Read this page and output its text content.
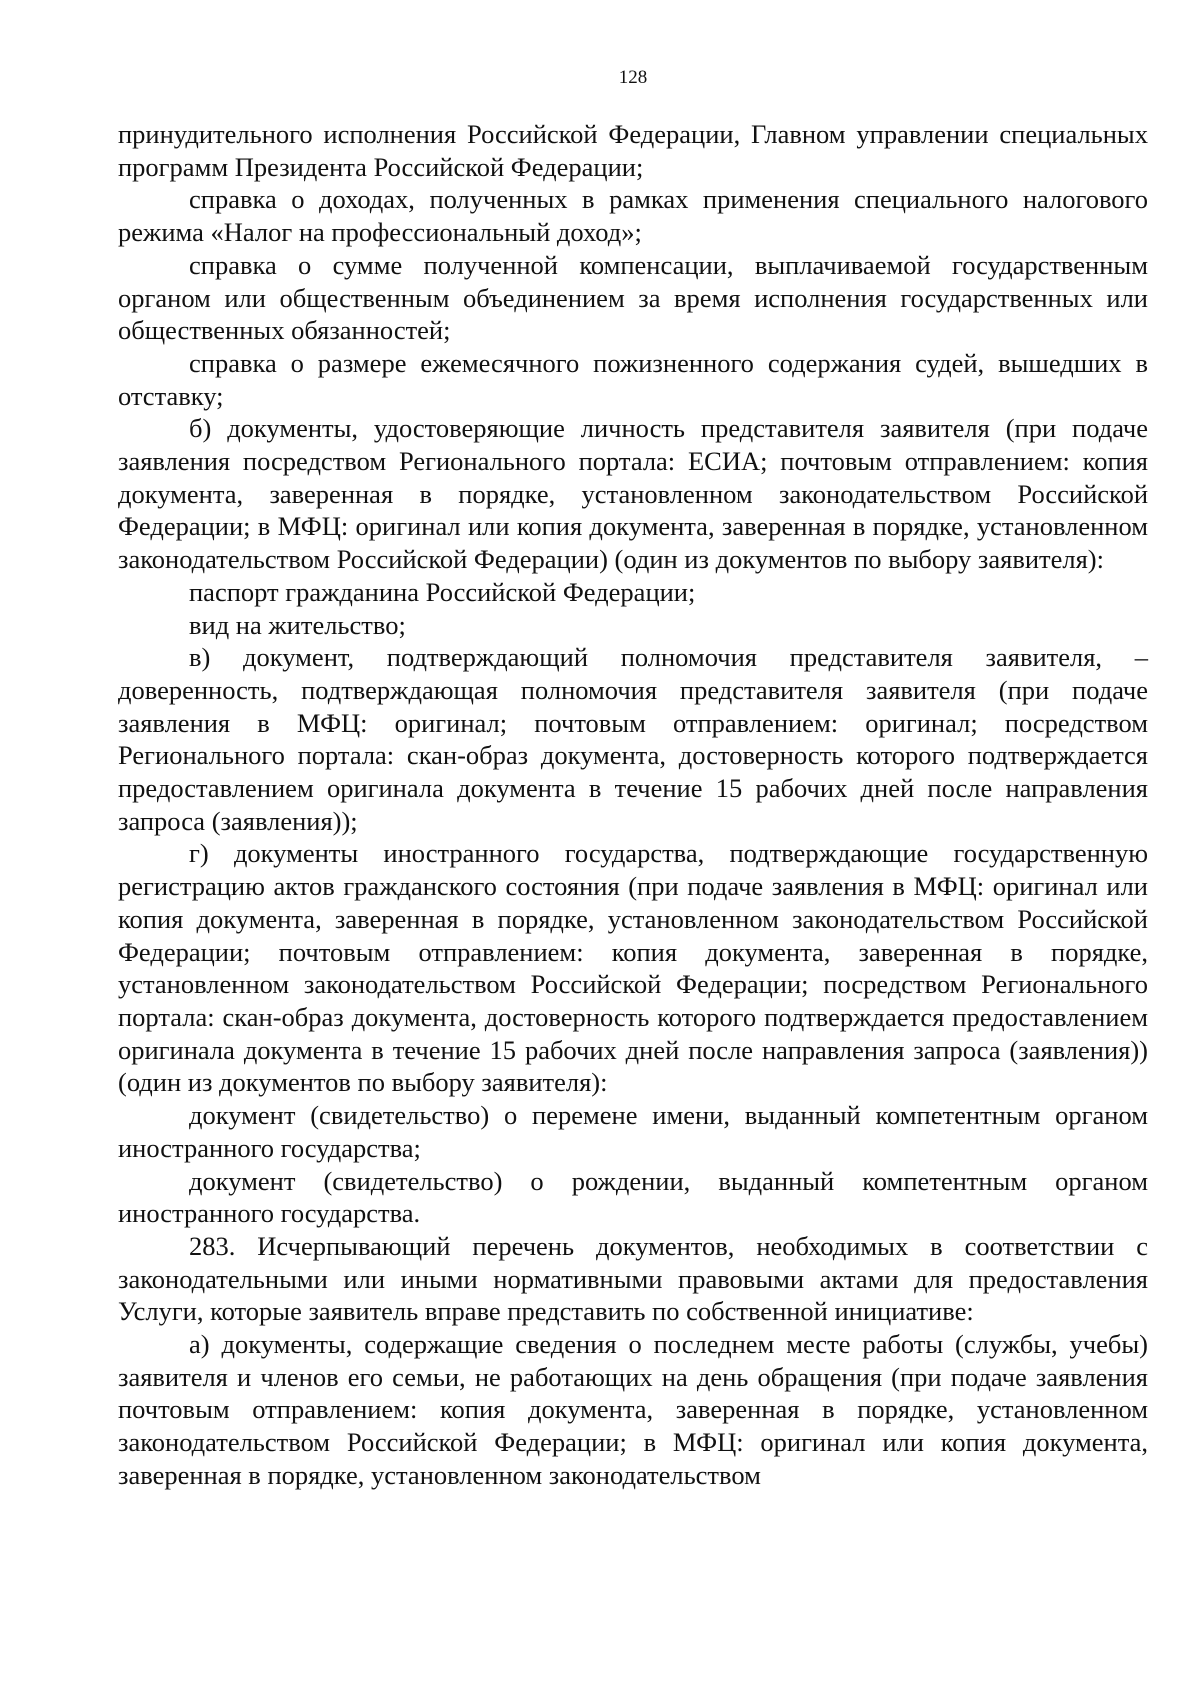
128

принудительного исполнения Российской Федерации, Главном управлении специальных программ Президента Российской Федерации;

справка о доходах, полученных в рамках применения специального налогового режима «Налог на профессиональный доход»;

справка о сумме полученной компенсации, выплачиваемой государственным органом или общественным объединением за время исполнения государственных или общественных обязанностей;

справка о размере ежемесячного пожизненного содержания судей, вышедших в отставку;

б) документы, удостоверяющие личность представителя заявителя (при подаче заявления посредством Регионального портала: ЕСИА; почтовым отправлением: копия документа, заверенная в порядке, установленном законодательством Российской Федерации; в МФЦ: оригинал или копия документа, заверенная в порядке, установленном законодательством Российской Федерации) (один из документов по выбору заявителя):

паспорт гражданина Российской Федерации;

вид на жительство;

в) документ, подтверждающий полномочия представителя заявителя, – доверенность, подтверждающая полномочия представителя заявителя (при подаче заявления в МФЦ: оригинал; почтовым отправлением: оригинал; посредством Регионального портала: скан-образ документа, достоверность которого подтверждается предоставлением оригинала документа в течение 15 рабочих дней после направления запроса (заявления));

г) документы иностранного государства, подтверждающие государственную регистрацию актов гражданского состояния (при подаче заявления в МФЦ: оригинал или копия документа, заверенная в порядке, установленном законодательством Российской Федерации; почтовым отправлением: копия документа, заверенная в порядке, установленном законодательством Российской Федерации; посредством Регионального портала: скан-образ документа, достоверность которого подтверждается предоставлением оригинала документа в течение 15 рабочих дней после направления запроса (заявления)) (один из документов по выбору заявителя):

документ (свидетельство) о перемене имени, выданный компетентным органом иностранного государства;

документ (свидетельство) о рождении, выданный компетентным органом иностранного государства.

283. Исчерпывающий перечень документов, необходимых в соответствии с законодательными или иными нормативными правовыми актами для предоставления Услуги, которые заявитель вправе представить по собственной инициативе:

а) документы, содержащие сведения о последнем месте работы (службы, учебы) заявителя и членов его семьи, не работающих на день обращения (при подаче заявления почтовым отправлением: копия документа, заверенная в порядке, установленном законодательством Российской Федерации; в МФЦ: оригинал или копия документа, заверенная в порядке, установленном законодательством
